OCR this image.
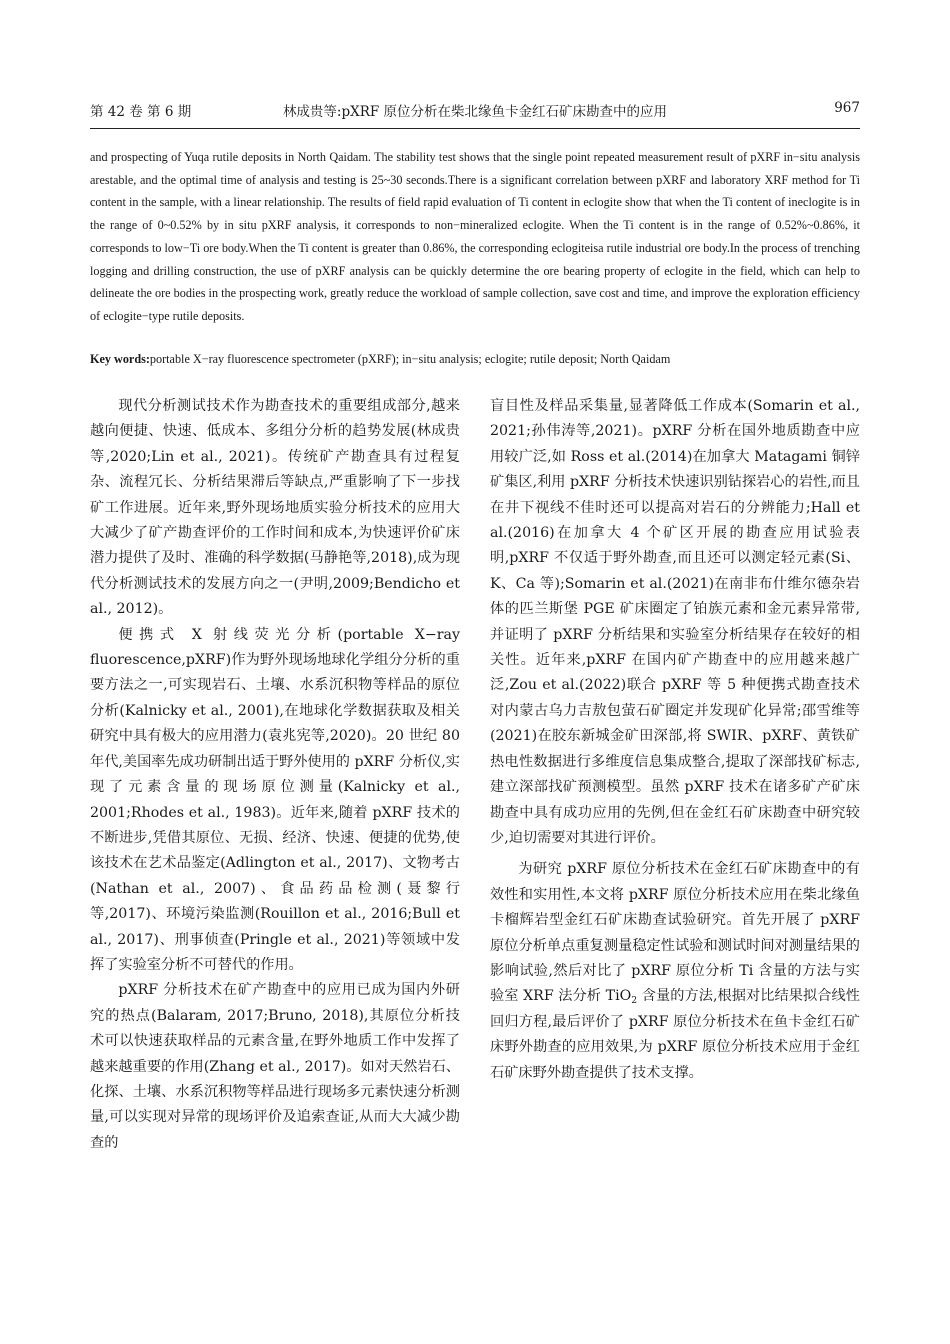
第 42 卷 第 6 期	林成贵等:pXRF 原位分析在柴北缘鱼卡金红石矿床勘查中的应用	967
and prospecting of Yuqa rutile deposits in North Qaidam. The stability test shows that the single point repeated measurement result of pXRF in−situ analysis arestable, and the optimal time of analysis and testing is 25~30 seconds.There is a significant correlation between pXRF and laboratory XRF method for Ti content in the sample, with a linear relationship. The results of field rapid evaluation of Ti content in eclogite show that when the Ti content of ineclogite is in the range of 0~0.52% by in situ pXRF analysis, it corresponds to non−mineralized eclogite. When the Ti content is in the range of 0.52%~0.86%, it corresponds to low−Ti ore body.When the Ti content is greater than 0.86%, the corresponding eclogiteisa rutile industrial ore body.In the process of trenching logging and drilling construction, the use of pXRF analysis can be quickly determine the ore bearing property of eclogite in the field, which can help to delineate the ore bodies in the prospecting work, greatly reduce the workload of sample collection, save cost and time, and improve the exploration efficiency of eclogite−type rutile deposits.
Key words:portable X−ray fluorescence spectrometer (pXRF); in−situ analysis; eclogite; rutile deposit; North Qaidam

现代分析测试技术作为勘查技术的重要组成部分,越来越向便捷、快速、低成本、多组分分析的趋势发展(林成贵等,2020;Lin et al., 2021)。传统矿产勘查具有过程复杂、流程冗长、分析结果滞后等缺点,严重影响了下一步找矿工作进展。近年来,野外现场地质实验分析技术的应用大大减少了矿产勘查评价的工作时间和成本,为快速评价矿床潜力提供了及时、准确的科学数据(马静艳等,2018),成为现代分析测试技术的发展方向之一(尹明,2009;Bendicho et al., 2012)。

便携式 X 射线荧光分析(portable X−ray fluorescence,pXRF)作为野外现场地球化学组分分析的重要方法之一,可实现岩石、土壤、水系沉积物等样品的原位分析(Kalnicky et al., 2001),在地球化学数据获取及相关研究中具有极大的应用潜力(袁兆宪等,2020)。20 世纪 80 年代,美国率先成功研制出适于野外使用的 pXRF 分析仪,实现了元素含量的现场原位测量(Kalnicky et al., 2001;Rhodes et al., 1983)。近年来,随着 pXRF 技术的不断进步,凭借其原位、无损、经济、快速、便捷的优势,使该技术在艺术品鉴定(Adlington et al., 2017)、文物考古(Nathan et al., 2007)、食品药品检测(聂黎行等,2017)、环境污染监测(Rouillon et al., 2016;Bull et al., 2017)、刑事侦查(Pringle et al., 2021)等领域中发挥了实验室分析不可替代的作用。

pXRF 分析技术在矿产勘查中的应用已成为国内外研究的热点(Balaram, 2017;Bruno, 2018),其原位分析技术可以快速获取样品的元素含量,在野外地质工作中发挥了越来越重要的作用(Zhang et al., 2017)。如对天然岩石、化探、土壤、水系沉积物等样品进行现场多元素快速分析测量,可以实现对异常的现场评价及追索查证,从而大大减少勘查的

盲目性及样品采集量,显著降低工作成本(Somarin et al., 2021;孙伟涛等,2021)。pXRF 分析在国外地质勘查中应用较广泛,如 Ross et al.(2014)在加拿大 Matagami 铜锌矿集区,利用 pXRF 分析技术快速识别钻探岩心的岩性,而且在井下视线不佳时还可以提高对岩石的分辨能力;Hall et al.(2016)在加拿大 4 个矿区开展的勘查应用试验表明,pXRF 不仅适于野外勘查,而且还可以测定轻元素(Si、K、Ca 等);Somarin et al.(2021)在南非布什维尔德杂岩体的匹兰斯堡 PGE 矿床圈定了铂族元素和金元素异常带,并证明了 pXRF 分析结果和实验室分析结果存在较好的相关性。近年来,pXRF 在国内矿产勘查中的应用越来越广泛,Zou et al.(2022)联合 pXRF 等 5 种便携式勘查技术对内蒙古乌力吉敖包萤石矿圈定并发现矿化异常;邵雪维等(2021)在胶东新城金矿田深部,将 SWIR、pXRF、黄铁矿热电性数据进行多维度信息集成整合,提取了深部找矿标志,建立深部找矿预测模型。虽然 pXRF 技术在诸多矿产矿床勘查中具有成功应用的先例,但在金红石矿床勘查中研究较少,迫切需要对其进行评价。

为研究 pXRF 原位分析技术在金红石矿床勘查中的有效性和实用性,本文将 pXRF 原位分析技术应用在柴北缘鱼卡榴辉岩型金红石矿床勘查试验研究。首先开展了 pXRF 原位分析单点重复测量稳定性试验和测试时间对测量结果的影响试验,然后对比了 pXRF 原位分析 Ti 含量的方法与实验室 XRF 法分析 TiO$_2$ 含量的方法,根据对比结果拟合线性回归方程,最后评价了 pXRF 原位分析技术在鱼卡金红石矿床野外勘查的应用效果,为 pXRF 原位分析技术应用于金红石矿床野外勘查提供了技术支撑。
